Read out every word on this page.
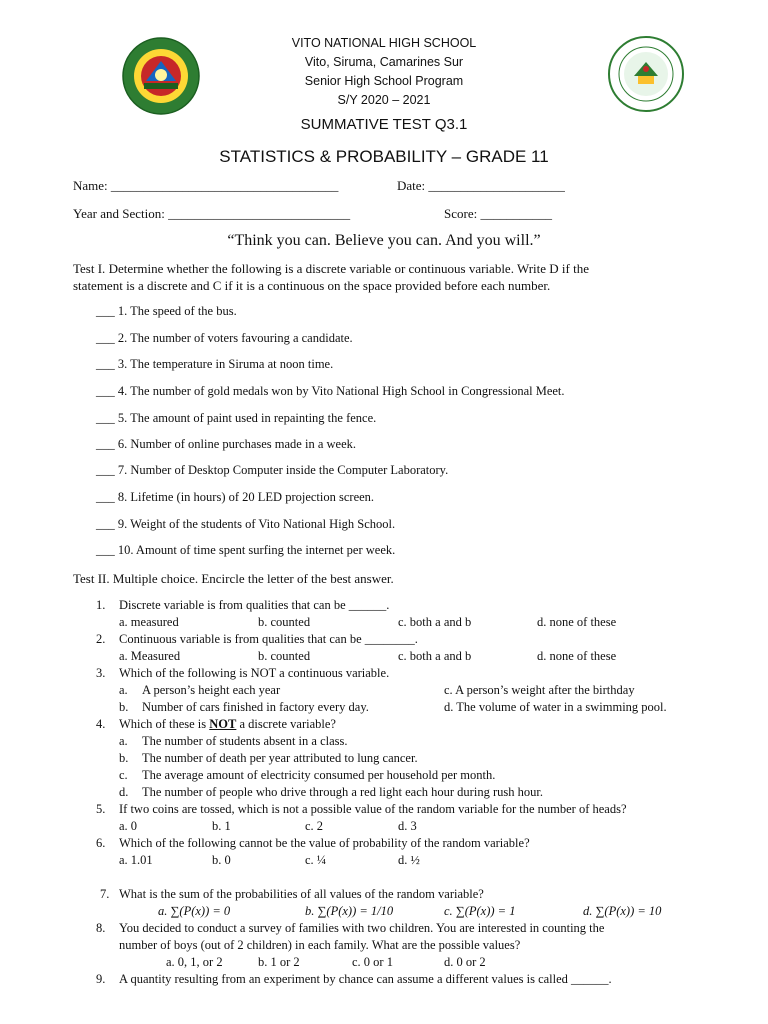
VITO NATIONAL HIGH SCHOOL
Vito, Siruma, Camarines Sur
Senior High School Program
S/Y 2020 – 2021
SUMMATIVE TEST Q3.1
STATISTICS & PROBABILITY – GRADE 11
Name: ___________________________________	Date: _____________________
Year and Section: ____________________________	Score: ___________
“Think you can. Believe you can. And you will.”
Test I. Determine whether the following is a discrete variable or continuous variable. Write D if the
statement is a discrete and C if it is a continuous on the space provided before each number.
___ 1. The speed of the bus.
___ 2. The number of voters favouring a candidate.
___ 3. The temperature in Siruma at noon time.
___ 4. The number of gold medals won by Vito National High School in Congressional Meet.
___ 5. The amount of paint used in repainting the fence.
___ 6. Number of online purchases made in a week.
___ 7. Number of Desktop Computer inside the Computer Laboratory.
___ 8. Lifetime (in hours) of 20 LED projection screen.
___ 9. Weight of the students of Vito National High School.
___ 10. Amount of time spent surfing the internet per week.
Test II. Multiple choice. Encircle the letter of the best answer.
1. Discrete variable is from qualities that can be ______.
a. measured	b. counted	c. both a and b	d. none of these
2. Continuous variable is from qualities that can be ________.
a. Measured	b. counted	c. both a and b	d. none of these
3. Which of the following is NOT a continuous variable.
a. A person’s height each year	c. A person’s weight after the birthday
b. Number of cars finished in factory every day.	d. The volume of water in a swimming pool.
4. Which of these is NOT a discrete variable?
a. The number of students absent in a class.
b. The number of death per year attributed to lung cancer.
c. The average amount of electricity consumed per household per month.
d. The number of people who drive through a red light each hour during rush hour.
5. If two coins are tossed, which is not a possible value of the random variable for the number of heads?
a. 0	b. 1	c. 2	d. 3
6. Which of the following cannot be the value of probability of the random variable?
a. 1.01	b. 0	c. ¼	d. ½
7. What is the sum of the probabilities of all values of the random variable?
a. ∑(P(x)) = 0	b. ∑(P(x)) = 1/10	c. ∑(P(x)) = 1	d. ∑(P(x)) = 10
8. You decided to conduct a survey of families with two children. You are interested in counting the
number of boys (out of 2 children) in each family. What are the possible values?
a. 0, 1, or 2	b. 1 or 2	c. 0 or 1	d. 0 or 2
9. A quantity resulting from an experiment by chance can assume a different values is called ______.
